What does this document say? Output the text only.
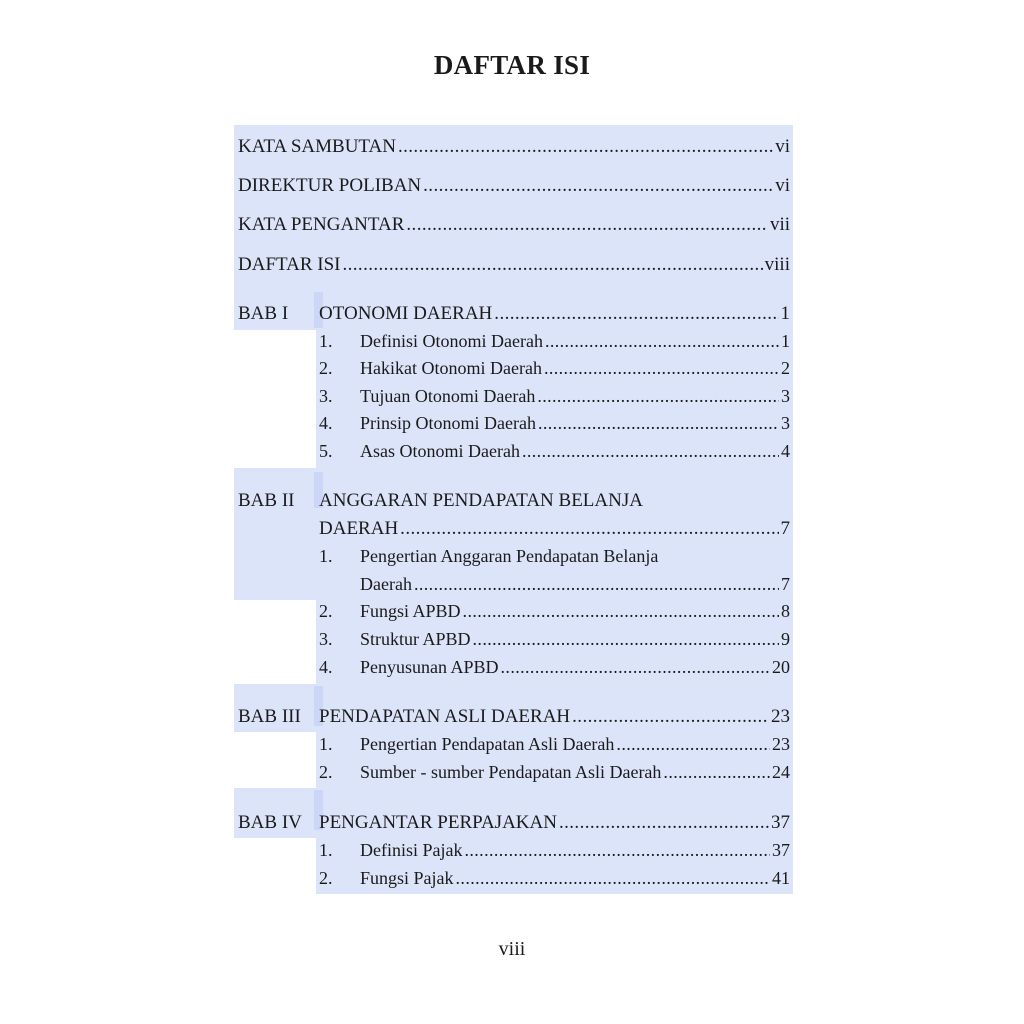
DAFTAR ISI
KATA SAMBUTAN .....	vi
DIREKTUR POLIBAN .....	vi
KATA PENGANTAR .....	vii
DAFTAR ISI .....	viii
BAB I OTONOMI DAERAH .....	1
1.	Definisi Otonomi Daerah .....	1
2.	Hakikat Otonomi Daerah .....	2
3.	Tujuan Otonomi Daerah .....	3
4.	Prinsip Otonomi Daerah .....	3
5.	Asas Otonomi Daerah .....	4
BAB II ANGGARAN PENDAPATAN BELANJA
DAERAH .....	7
1.	Pengertian Anggaran Pendapatan Belanja
Daerah .....	7
2.	Fungsi APBD .....	8
3.	Struktur APBD .....	9
4.	Penyusunan APBD .....	20
BAB III PENDAPATAN ASLI DAERAH .....	23
1.	Pengertian Pendapatan Asli Daerah .....	23
2.	Sumber - sumber Pendapatan Asli Daerah .....	24
BAB IV PENGANTAR PERPAJAKAN .....	37
1.	Definisi Pajak .....	37
2.	Fungsi Pajak .....	41
viii
